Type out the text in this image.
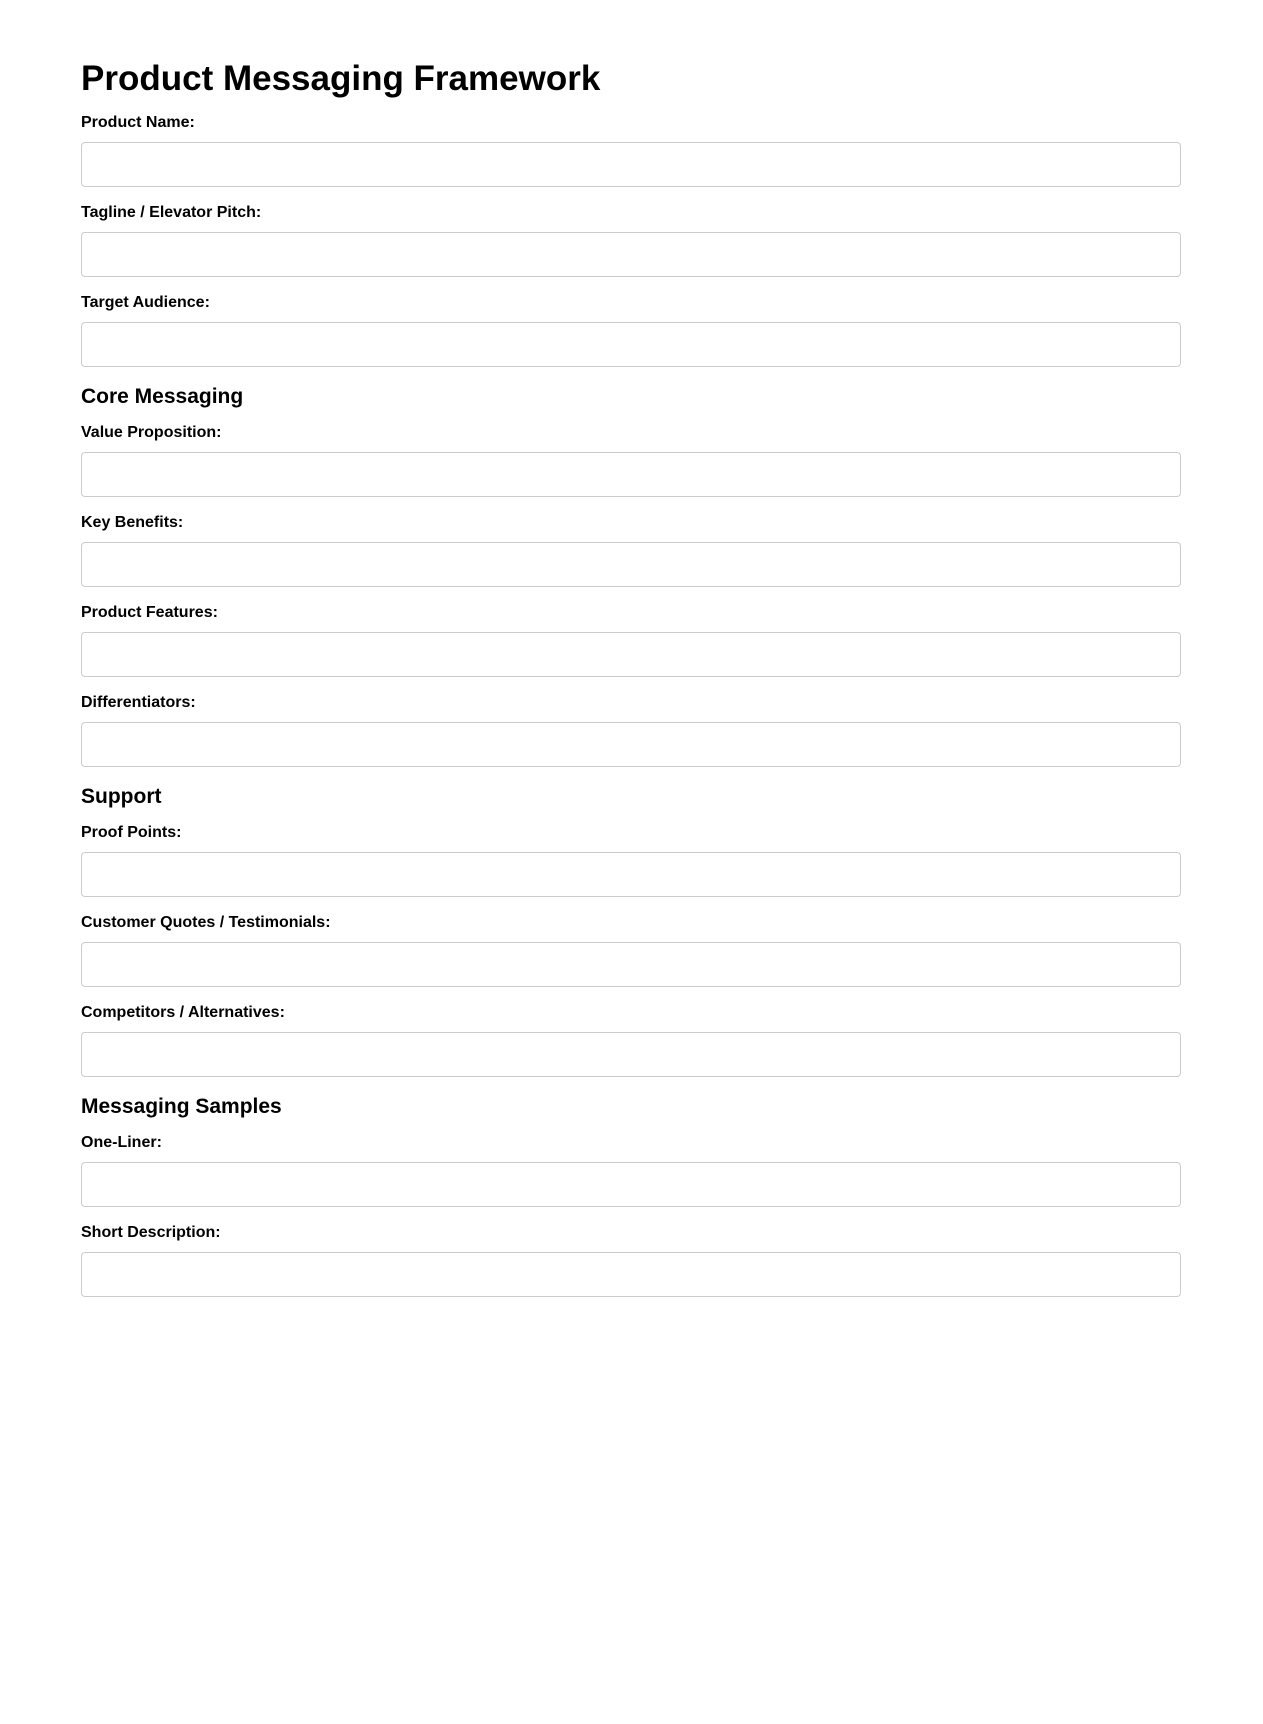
Product Messaging Framework
Product Name:
Tagline / Elevator Pitch:
Target Audience:
Core Messaging
Value Proposition:
Key Benefits:
Product Features:
Differentiators:
Support
Proof Points:
Customer Quotes / Testimonials:
Competitors / Alternatives:
Messaging Samples
One-Liner:
Short Description:
